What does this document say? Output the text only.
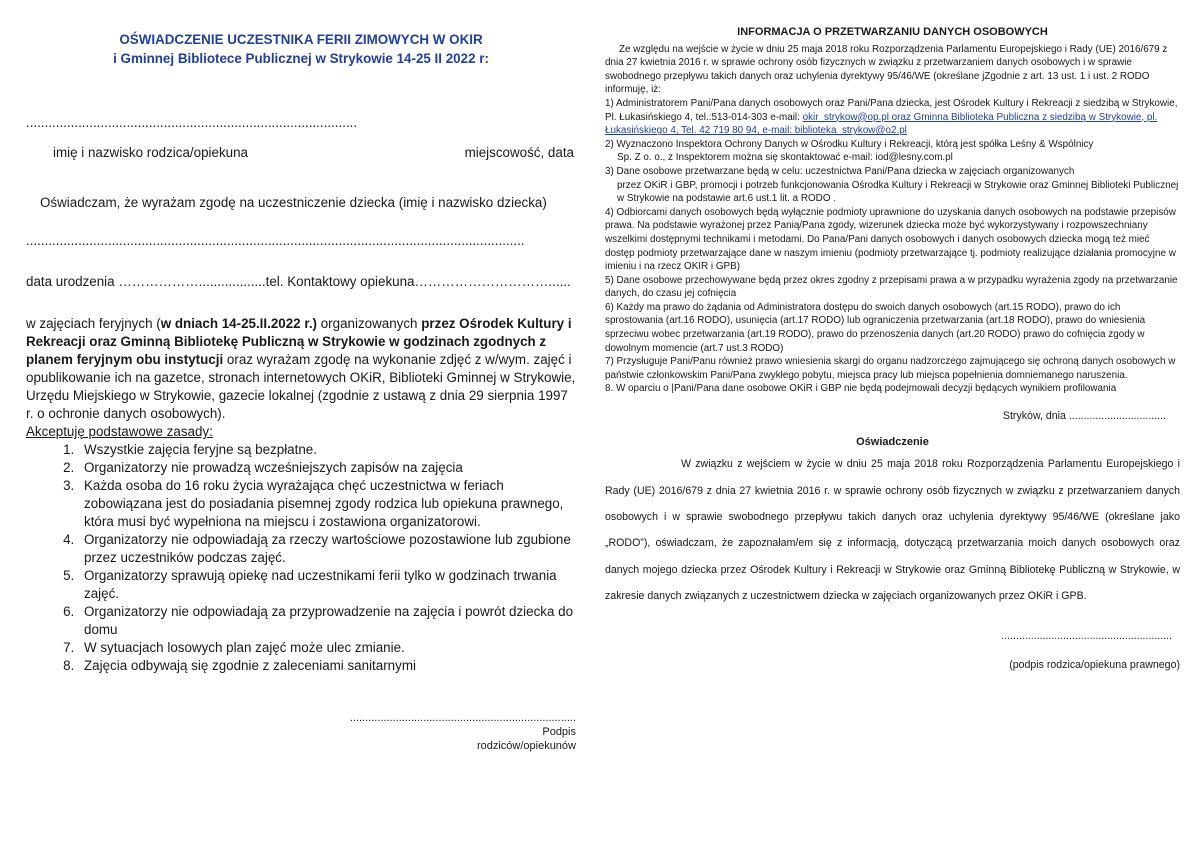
OŚWIADCZENIE UCZESTNIKA FERII ZIMOWYCH W OKIR
i Gminnej Bibliotece Publicznej w Strykowie 14-25 II 2022 r:
.........................................................................................
imię i nazwisko rodzica/opiekuna	miejscowość, data
Oświadczam, że wyrażam zgodę na uczestniczenie dziecka (imię i nazwisko dziecka)
......................................................................................................................................
data urodzenia ………………..................tel. Kontaktowy opiekuna…………………………......
w zajęciach feryjnych (w dniach 14-25.II.2022 r.) organizowanych przez Ośrodek Kultury i Rekreacji oraz Gminną Bibliotekę Publiczną w Strykowie w godzinach zgodnych z planem feryjnym obu instytucji oraz wyrażam zgodę na wykonanie zdjęć z w/wym. zajęć i opublikowanie ich na gazetce, stronach internetowych OKiR, Biblioteki Gminnej w Strykowie, Urzędu Miejskiego w Strykowie, gazecie lokalnej (zgodnie z ustawą z dnia 29 sierpnia 1997 r. o ochronie danych osobowych).
Akceptuję podstawowe zasady:
1. Wszystkie zajęcia feryjne są bezpłatne.
2. Organizatorzy nie prowadzą wcześniejszych zapisów na zajęcia
3. Każda osoba do 16 roku życia wyrażająca chęć uczestnictwa w feriach zobowiązana jest do posiadania pisemnej zgody rodzica lub opiekuna prawnego, która musi być wypełniona na miejscu i zostawiona organizatorowi.
4. Organizatorzy nie odpowiadają za rzeczy wartościowe pozostawione lub zgubione przez uczestników podczas zajęć.
5. Organizatorzy sprawują opiekę nad uczestnikami ferii tylko w godzinach trwania zajęć.
6. Organizatorzy nie odpowiadają za przyprowadzenie na zajęcia i powrót dziecka do domu
7. W sytuacjach losowych plan zajęć może ulec zmianie.
8. Zajęcia odbywają się zgodnie z zaleceniami sanitarnymi
..........................................................................
Podpis
rodziców/opiekunów
INFORMACJA O PRZETWARZANIU DANYCH OSOBOWYCH

Ze względu na wejście w życie w dniu 25 maja 2018 roku Rozporządzenia Parlamentu Europejskiego i Rady (UE) 2016/679 z dnia 27 kwietnia 2016 r. w sprawie ochrony osób fizycznych w związku z przetwarzaniem danych osobowych i w sprawie swobodnego przepływu takich danych oraz uchylenia dyrektywy 95/46/WE (określane jZgodnie z art. 13 ust. 1 i ust. 2 RODO informuję, iż:

1) Administratorem Pani/Pana danych osobowych oraz Pani/Pana dziecka, jest Ośrodek Kultury i Rekreacji z siedzibą w Strykowie, Pl. Łukasińskiego 4, tel.:513-014-303 e-mail: okir_strykow@op.pl oraz Gminna Biblioteka Publiczna z siedzibą w Strykowie, pl. Łukasińskiego 4, Tel. 42 719 80 94, e-mail: biblioteka_strykow@o2.pl

2) Wyznaczono Inspektora Ochrony Danych w Ośrodku Kultury i Rekreacji, którą jest spółka Leśny & Wspólnicy

Sp. Z o. o., z Inspektorem można się skontaktować e-mail: iod@lesny.com.pl

3) Dane osobowe przetwarzane będą w celu: uczestnictwa Pani/Pana dziecka w zajęciach organizowanych

przez OKiR i GBP, promocji i potrzeb funkcjonowania Ośrodka Kultury i Rekreacji w Strykowie oraz Gminnej Biblioteki Publicznej w Strykowie na podstawie art.6 ust.1 lit. a RODO .

4) Odbiorcami danych osobowych będą wyłącznie podmioty uprawnione do uzyskania danych osobowych na podstawie przepisów prawa. Na podstawie wyrażonej przez Panią/Pana zgody, wizerunek dziecka może być wykorzystywany i rozpowszechniany wszelkimi dostępnymi technikami i metodami. Do Pana/Pani danych osobowych i danych osobowych dziecka mogą też mieć dostęp podmioty przetwarzające dane w naszym imieniu (podmioty przetwarzające tj. podmioty realizujące działania promocyjne w imieniu i na rzecz OKIR i GPB)

5) Dane osobowe przechowywane będą przez okres zgodny z przepisami prawa a w przypadku wyrażenia zgody na przetwarzanie danych, do czasu jej cofnięcia

6) Każdy ma prawo do żądania od Administratora dostępu do swoich danych osobowych (art.15 RODO), prawo do ich sprostowania (art.16 RODO), usunięcia (art.17 RODO) lub ograniczenia przetwarzania (art.18 RODO), prawo do wniesienia sprzeciwu wobec przetwarzania (art.19 RODO), prawo do przenoszenia danych (art.20 RODO) prawo do cofnięcia zgody w dowolnym momencie (art.7 ust.3 RODO)

7) Przysługuje Pani/Panu również prawo wniesienia skargi do organu nadzorczego zajmującego się ochroną danych osobowych w państwie członkowskim Pani/Pana zwykłego pobytu, miejsca pracy lub miejsca popełnienia domniemanego naruszenia.

8. W oparciu o |Pani/Pana dane osobowe OKiR i GBP nie będą podejmowali decyzji będących wynikiem profilowania

Stryków, dnia .................................
Oświadczenie
W związku z wejściem w życie w dniu 25 maja 2018 roku Rozporządzenia Parlamentu Europejskiego i Rady (UE) 2016/679 z dnia 27 kwietnia 2016 r. w sprawie ochrony osób fizycznych w związku z przetwarzaniem danych osobowych i w sprawie swobodnego przepływu takich danych oraz uchylenia dyrektywy 95/46/WE (określane jako „RODO”), oświadczam, że zapoznałam/em się z informacją, dotyczącą przetwarzania moich danych osobowych oraz danych mojego dziecka przez Ośrodek Kultury i Rekreacji w Strykowie oraz Gminną Bibliotekę Publiczną w Strykowie, w zakresie danych związanych z uczestnictwem dziecka w zajęciach organizowanych przez OKiR i GPB.
..........................................................
(podpis rodzica/opiekuna prawnego)
